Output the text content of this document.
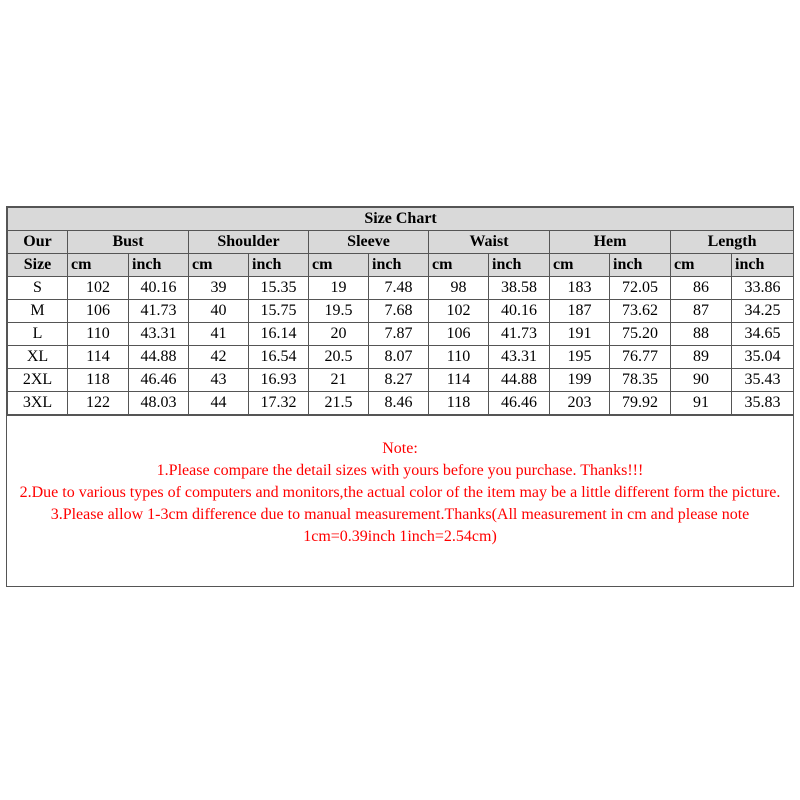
Size Chart												
Our	Bust		Shoulder		Sleeve		Waist		Hem		Length	
Size	cm	inch	cm	inch	cm	inch	cm	inch	cm	inch	cm	inch
S	102	40.16	39	15.35	19	7.48	98	38.58	183	72.05	86	33.86
M	106	41.73	40	15.75	19.5	7.68	102	40.16	187	73.62	87	34.25
L	110	43.31	41	16.14	20	7.87	106	41.73	191	75.20	88	34.65
XL	114	44.88	42	16.54	20.5	8.07	110	43.31	195	76.77	89	35.04
2XL	118	46.46	43	16.93	21	8.27	114	44.88	199	78.35	90	35.43
3XL	122	48.03	44	17.32	21.5	8.46	118	46.46	203	79.92	91	35.83
Note:
1.Please compare the detail sizes with yours before you purchase. Thanks!!!
2.Due to various types of computers and monitors,the actual color of the item may be a little different form the picture.
3.Please allow 1-3cm difference due to manual measurement.Thanks(All measurement in cm and please note 1cm=0.39inch 1inch=2.54cm)
